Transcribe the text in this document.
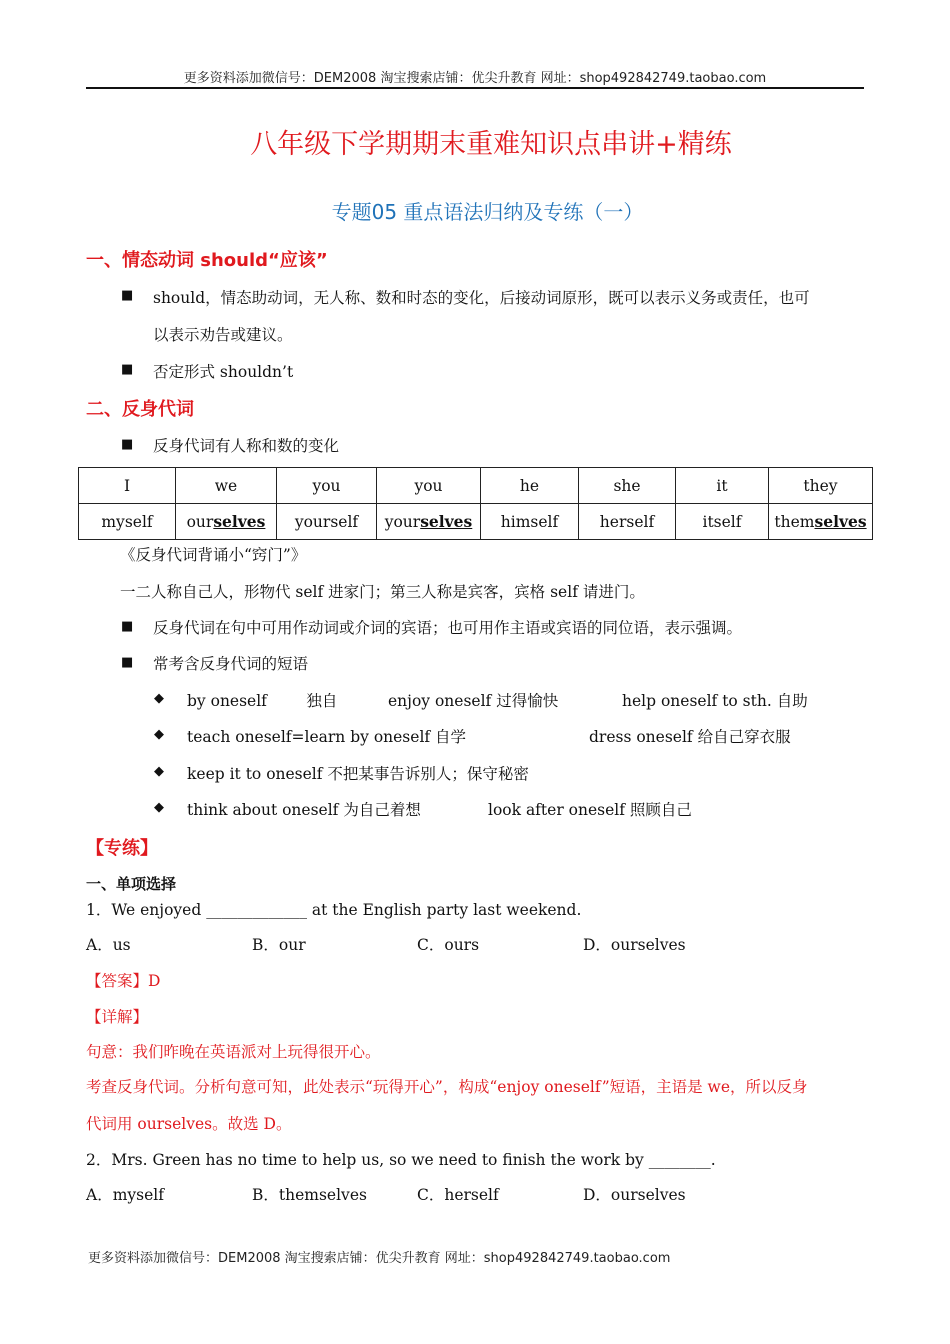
更多资料添加微信号：DEM2008 淘宝搜索店铺：优尖升教育 网址：shop492842749.taobao.com
八年级下学期期末重难知识点串讲+精练
专题05 重点语法归纳及专练（一）
一、情态动词 should“应该”
■ should，情态助动词，无人称、数和时态的变化，后接动词原形，既可以表示义务或责任，也可
以表示劝告或建议。
■ 否定形式 shouldn’t
二、反身代词
■ 反身代词有人称和数的变化
I	we	you	you	he	she	it	they
myself	ourselves	yourself	yourselves	himself	herself	itself	themselves
《反身代词背诵小“窍门”》
一二人称自己人，形物代 self 进家门；第三人称是宾客，宾格 self 请进门。
■ 反身代词在句中可用作动词或介词的宾语；也可用作主语或宾语的同位语，表示强调。
■ 常考含反身代词的短语
◆ by oneself        独自	enjoy oneself 过得愉快	help oneself to sth. 自助
◆ teach oneself=learn by oneself 自学	dress oneself 给自己穿衣服
◆ keep it to oneself 不把某事告诉别人；保守秘密
◆ think about oneself 为自己着想	look after oneself 照顾自己
【专练】
一、单项选择
1．We enjoyed _____________ at the English party last weekend.
A．us	B．our	C．ours	D．ourselves
【答案】D
【详解】
句意：我们昨晚在英语派对上玩得很开心。
考查反身代词。分析句意可知，此处表示“玩得开心”，构成“enjoy oneself”短语，主语是 we，所以反身
代词用 ourselves。故选 D。
2．Mrs. Green has no time to help us, so we need to finish the work by ________.
A．myself	B．themselves	C．herself	D．ourselves
更多资料添加微信号：DEM2008 淘宝搜索店铺：优尖升教育 网址：shop492842749.taobao.com
